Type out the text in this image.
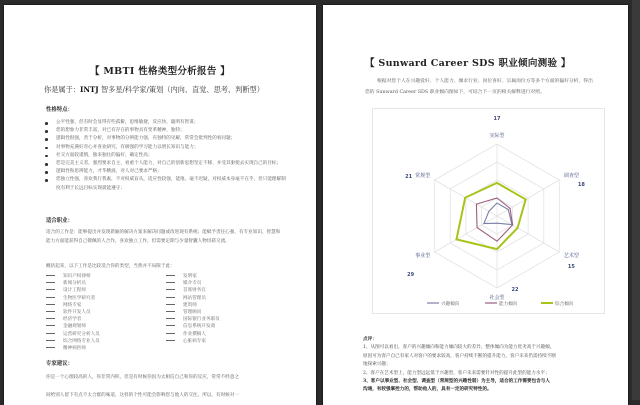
【 MBTI 性格类型分析报告 】
你是属于：INTJ 智多星/科学家/策划（内向、直觉、思考、判断型）
性格特点：
公平性强，但有时会显得有些孤僻，思维敏捷，反应快，聪明有智谋；
您的想象力非常丰富，对已有存在的事物具有变革精神，独特；
逻辑性很强，善于分析，对事物的分辨能力强，有独特的见解，常常会批判性的看问题；
对事物充满好奇心并喜欢研究，有极强的学习能力以增长知识与能力；
社交方面较谨慎，独来独往的偏好，确定性高；
您是完美主义者，强烈要求自主，看重个人能力，对自己的创新思想坚定不移，并受其驱使去实现自己的目标；
逻辑性和思辨能力，才华横溢，对人对己要求严格；
您独立性强，喜欢我行我素，不对权威盲从，适应性较强，能推、毫不迟疑，对权威本身毫不在乎，但只能理解制度有利于长远目标实现就能遵守；
适合职业：
适合的工作是：能够提出并发现新颖的解决方案来解决问题或改进现有系统；能赋予责任心强，有专业知识、智慧和能力方面能获得自己敬佩的人合作，喜欢独立工作，但需要定期与少量智囊人物切磋交流。
概括起来，以下工作是比较适合你的类型，当然并不局限于此：
知识产权律师	发明家
新闻分析员	媒介专员
设计工程师	首席财务官
生物医学研究者	网站管理员
网络专家	建筑师
软件开发人员	管理顾问
经济学者	国际银行业务职员
金融规划师	信息系统开发商
运营研究分析人员	作业撰稿人
综合网络专业人员	心脏病专家
精神病医师
专家建议：
你是一个心理较高的人，你非常内积，但是有时候你因为太相信自己和你的反应，常常不经意之
间给别人留下有点不太合群的味道，这样的个性可能会影响您与他人的交往。所以，有时候对一
【 Sunward Career SDS 职业倾向测验 】
根据对您个人在兴趣爱好、个人能力、倾求行业、岗位喜好、宗属岗位方等多个方面的偏好分析，得出您的 Sunward Career SDS 职业倾向图如下，可结合下一页的相关解释进行对照。
实际型
17
调查型
18
艺术型
15
社会型
22
事业型
29
常规型
21
兴趣倾向	能力倾向	综合倾向
点评：
1、从图可以看出，客户的兴趣倾向和能力倾向较大的差异，整体倾向为能力优劣高于兴趣倾，
原因可为客户自己有家人对客户的要求较高，客户持续不断的提升能力，客户未来仍需持续不断
地探索兴趣；
2、客户在艺术型上，能力型远远低于兴趣型，客户未来需要针对性的提升此型的能力水平；
3、客户以事业型、社会型、调查型（常规型的兴趣性弱）为主导，适合的工作需要包含与人
沟通，有较强掌控力的，帮助他人的，具有一定的研究特性的。
